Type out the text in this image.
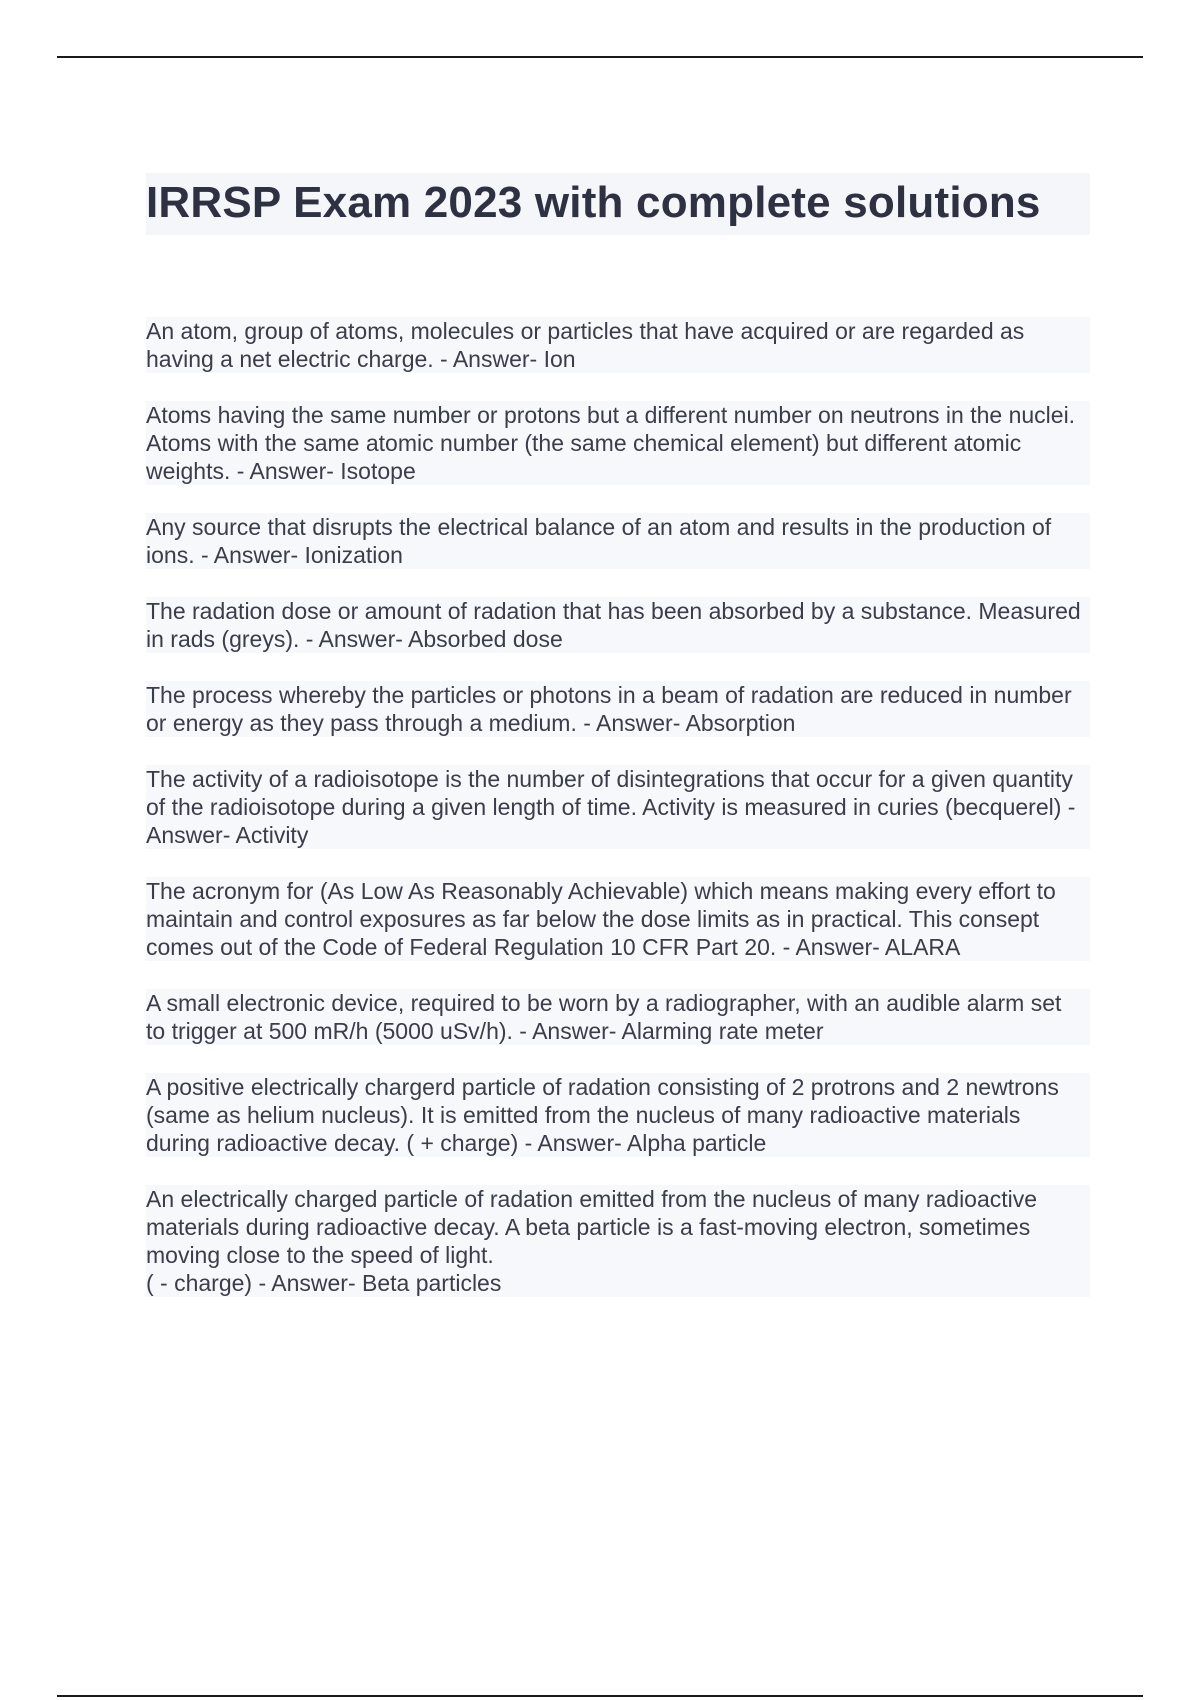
IRRSP Exam 2023 with complete solutions

An atom, group of atoms, molecules or particles that have acquired or are regarded as having a net electric charge. - Answer- Ion

Atoms having the same number or protons but a different number on neutrons in the nuclei. Atoms with the same atomic number (the same chemical element) but different atomic weights. - Answer- Isotope

Any source that disrupts the electrical balance of an atom and results in the production of ions. - Answer- Ionization

The radation dose or amount of radation that has been absorbed by a substance. Measured in rads (greys). - Answer- Absorbed dose

The process whereby the particles or photons in a beam of radation are reduced in number or energy as they pass through a medium. - Answer- Absorption

The activity of a radioisotope is the number of disintegrations that occur for a given quantity of the radioisotope during a given length of time. Activity is measured in curies (becquerel) - Answer- Activity

The acronym for (As Low As Reasonably Achievable) which means making every effort to maintain and control exposures as far below the dose limits as in practical. This consept comes out of the Code of Federal Regulation 10 CFR Part 20. - Answer- ALARA

A small electronic device, required to be worn by a radiographer, with an audible alarm set to trigger at 500 mR/h (5000 uSv/h). - Answer- Alarming rate meter

A positive electrically chargerd particle of radation consisting of 2 protrons and 2 newtrons (same as helium nucleus). It is emitted from the nucleus of many radioactive materials during radioactive decay. ( + charge) - Answer- Alpha particle

An electrically charged particle of radation emitted from the nucleus of many radioactive materials during radioactive decay. A beta particle is a fast-moving electron, sometimes moving close to the speed of light.
( - charge) - Answer- Beta particles
